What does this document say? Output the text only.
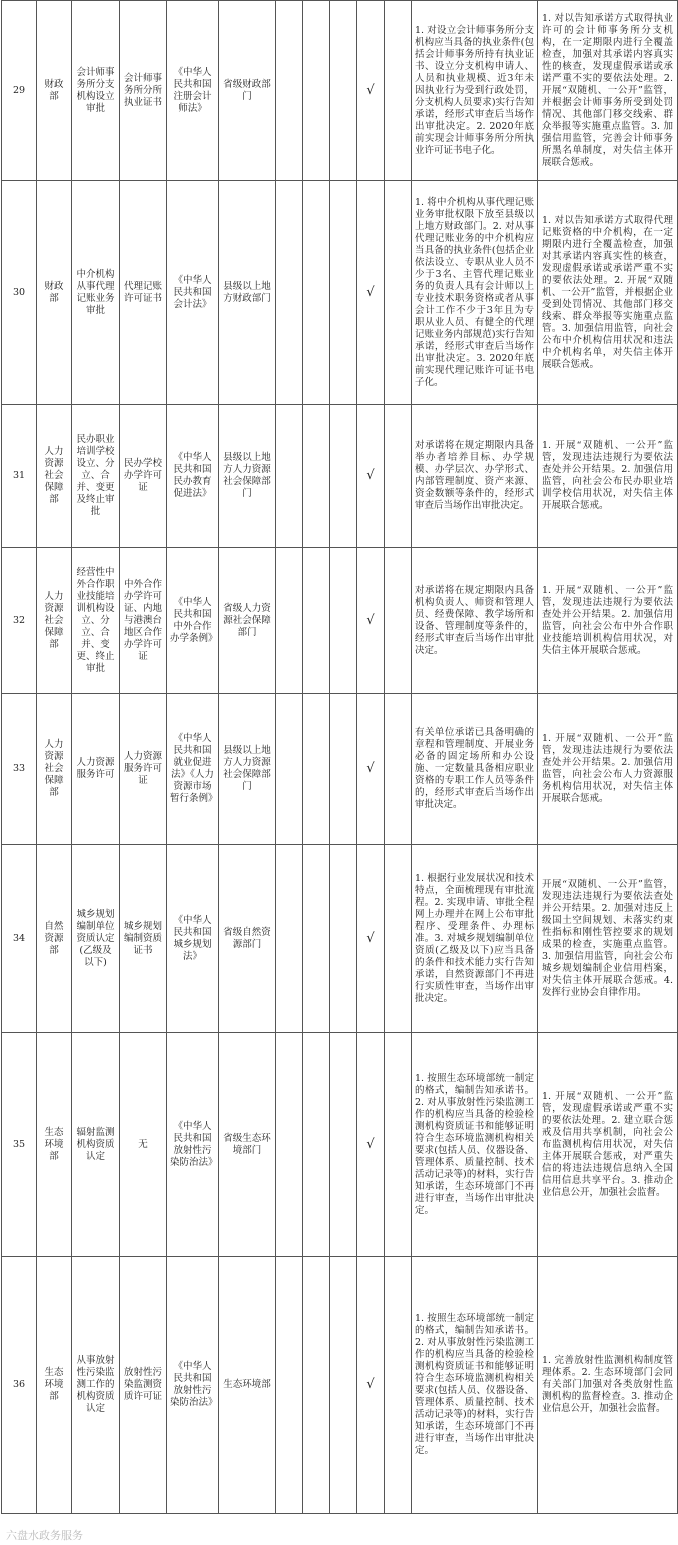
29	财政部	会计师事务所分支机构设立审批	会计师事务所分所执业证书	《中华人民共和国注册会计师法》	省级财政部门				√		1. 对设立会计师事务所分支机构应当具备的执业条件(包括会计师事务所持有执业证书、设立分支机构申请人、人员和执业规模、近3年未因执业行为受到行政处罚，分支机构人员要求)实行告知承诺，经形式审查后当场作出审批决定。2. 2020年底前实现会计师事务所分所执业许可证书电子化。	1. 对以告知承诺方式取得执业许可的会计师事务所分支机构，在一定期限内进行全覆盖检查，加强对其承诺内容真实性的核查，发现虚假承诺或承诺严重不实的要依法处理。2. 开展“双随机、一公开”监管，并根据会计师事务所受到处罚情况、其他部门移交线索、群众举报等实施重点监管。3. 加强信用监管，完善会计师事务所黑名单制度，对失信主体开展联合惩戒。
30	财政部	中介机构从事代理记账业务审批	代理记账许可证书	《中华人民共和国会计法》	县级以上地方财政部门				√		1. 将中介机构从事代理记账业务审批权限下放至县级以上地方财政部门。2. 对从事代理记账业务的中介机构应当具备的执业条件(包括企业依法设立、专职从业人员不少于3名、主管代理记账业务的负责人具有会计师以上专业技术职务资格或者从事会计工作不少于3年且为专职从业人员、有健全的代理记账业务内部规范)实行告知承诺，经形式审查后当场作出审批决定。3. 2020年底前实现代理记账许可证书电子化。	1. 对以告知承诺方式取得代理记账资格的中介机构，在一定期限内进行全覆盖检查，加强对其承诺内容真实性的核查，发现虚假承诺或承诺严重不实的要依法处理。2. 开展“双随机、一公开”监管，并根据企业受到处罚情况、其他部门移交线索、群众举报等实施重点监管。3. 加强信用监管，向社会公布中介机构信用状况和违法中介机构名单，对失信主体开展联合惩戒。
31	人力资源社会保障部	民办职业培训学校设立、分立、合并、变更及终止审批	民办学校办学许可证	《中华人民共和国民办教育促进法》	县级以上地方人力资源社会保障部门				√		对承诺将在规定期限内具备举办者培养目标、办学规模、办学层次、办学形式、内部管理制度、资产来源、资金数额等条件的，经形式审查后当场作出审批决定。	1. 开展“双随机、一公开”监管，发现违法违规行为要依法查处并公开结果。2. 加强信用监管，向社会公布民办职业培训学校信用状况，对失信主体开展联合惩戒。
32	人力资源社会保障部	经营性中外合作职业技能培训机构设立、分立、合并、变更、终止审批	中外合作办学许可证、内地与港澳台地区合作办学许可证	《中华人民共和国中外合作办学条例》	省级人力资源社会保障部门				√		对承诺将在规定期限内具备机构负责人、师资和管理人员、经费保障、教学场所和设备、管理制度等条件的，经形式审查后当场作出审批决定。	1. 开展“双随机、一公开”监管，发现违法违规行为要依法查处并公开结果。2. 加强信用监管，向社会公布中外合作职业技能培训机构信用状况，对失信主体开展联合惩戒。
33	人力资源社会保障部	人力资源服务许可	人力资源服务许可证	《中华人民共和国就业促进法》《人力资源市场暂行条例》	县级以上地方人力资源社会保障部门				√		有关单位承诺已具备明确的章程和管理制度、开展业务必备的固定场所和办公设施、一定数量具备相应职业资格的专职工作人员等条件的，经形式审查后当场作出审批决定。	1. 开展“双随机、一公开”监管，发现违法违规行为要依法查处并公开结果。2. 加强信用监管，向社会公布人力资源服务机构信用状况，对失信主体开展联合惩戒。
34	自然资源部	城乡规划编制单位资质认定(乙级及以下)	城乡规划编制资质证书	《中华人民共和国城乡规划法》	省级自然资源部门				√		1. 根据行业发展状况和技术特点，全面梳理现有审批流程。2. 实现申请、审批全程网上办理并在网上公布审批程序、受理条件、办理标准。3. 对城乡规划编制单位资质(乙级及以下)应当具备的条件和技术能力实行告知承诺，自然资源部门不再进行实质性审查，当场作出审批决定。	开展“双随机、一公开”监管，发现违法违规行为要依法查处并公开结果。2. 加强对违反上级国土空间规划、未落实约束性指标和刚性管控要求的规划成果的检查，实施重点监管。3. 加强信用监管，向社会公布城乡规划编制企业信用档案，对失信主体开展联合惩戒。4. 发挥行业协会自律作用。
35	生态环境部	辐射监测机构资质认定	无	《中华人民共和国放射性污染防治法》	省级生态环境部门				√		1. 按照生态环境部统一制定的格式，编制告知承诺书。2. 对从事放射性污染监测工作的机构应当具备的检验检测机构资质证书和能够证明符合生态环境监测机构相关要求(包括人员、仪器设备、管理体系、质量控制、技术活动记录等)的材料，实行告知承诺，生态环境部门不再进行审查，当场作出审批决定。	1. 开展“双随机、一公开”监管，发现虚假承诺或严重不实的要依法处理。2. 建立联合惩戒及信用共享机制，向社会公布监测机构信用状况，对失信主体开展联合惩戒，对严重失信的将违法违规信息纳入全国信用信息共享平台。3. 推动企业信息公开，加强社会监督。
36	生态环境部	从事放射性污染监测工作的机构资质认定	放射性污染监测资质许可证	《中华人民共和国放射性污染防治法》	生态环境部				√		1. 按照生态环境部统一制定的格式，编制告知承诺书。2. 对从事放射性污染监测工作的机构应当具备的检验检测机构资质证书和能够证明符合生态环境监测机构相关要求(包括人员、仪器设备、管理体系、质量控制、技术活动记录等)的材料，实行告知承诺，生态环境部门不再进行审查，当场作出审批决定。	1. 完善放射性监测机构制度管理体系。2. 生态环境部门会同有关部门加强对各类放射性监测机构的监督检查。3. 推动企业信息公开，加强社会监督。
六盘水政务服务
